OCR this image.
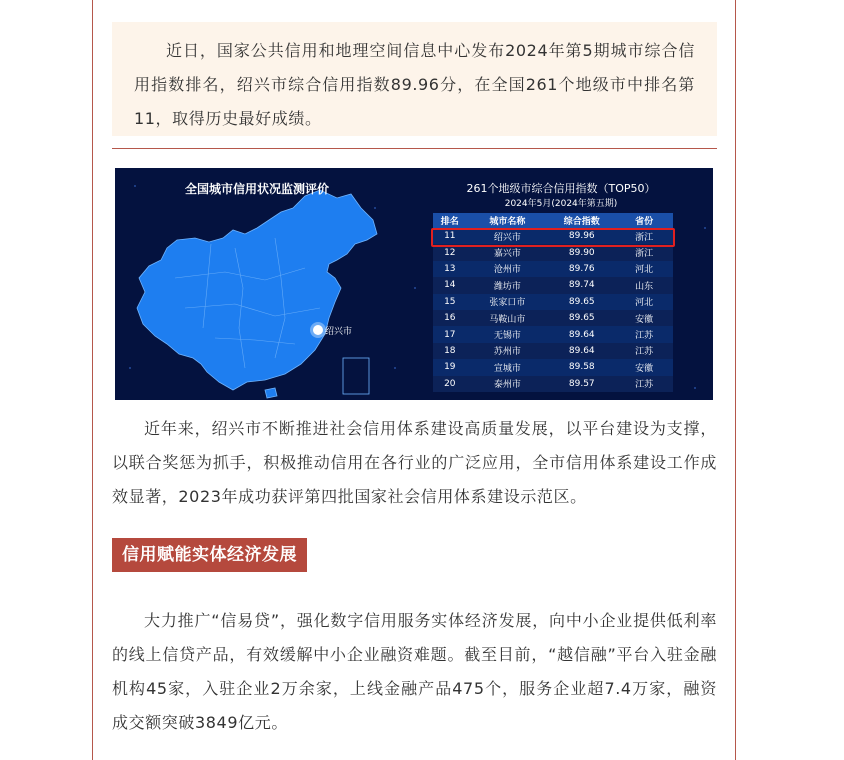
近日，国家公共信用和地理空间信息中心发布2024年第5期城市综合信用指数排名，绍兴市综合信用指数89.96分，在全国261个地级市中排名第11，取得历史最好成绩。

全国城市信用状况监测评价
绍兴市
261个地级市综合信用指数（TOP50）
2024年5月(2024年第五期)
排名	城市名称	综合指数	省份
11	绍兴市	89.96	浙江
12	嘉兴市	89.90	浙江
13	沧州市	89.76	河北
14	潍坊市	89.74	山东
15	张家口市	89.65	河北
16	马鞍山市	89.65	安徽
17	无锡市	89.64	江苏
18	苏州市	89.64	江苏
19	宣城市	89.58	安徽
20	泰州市	89.57	江苏

近年来，绍兴市不断推进社会信用体系建设高质量发展，以平台建设为支撑，以联合奖惩为抓手，积极推动信用在各行业的广泛应用，全市信用体系建设工作成效显著，2023年成功获评第四批国家社会信用体系建设示范区。

信用赋能实体经济发展

大力推广“信易贷”，强化数字信用服务实体经济发展，向中小企业提供低利率的线上信贷产品，有效缓解中小企业融资难题。截至目前，“越信融”平台入驻金融机构45家，入驻企业2万余家，上线金融产品475个，服务企业超7.4万家，融资成交额突破3849亿元。
